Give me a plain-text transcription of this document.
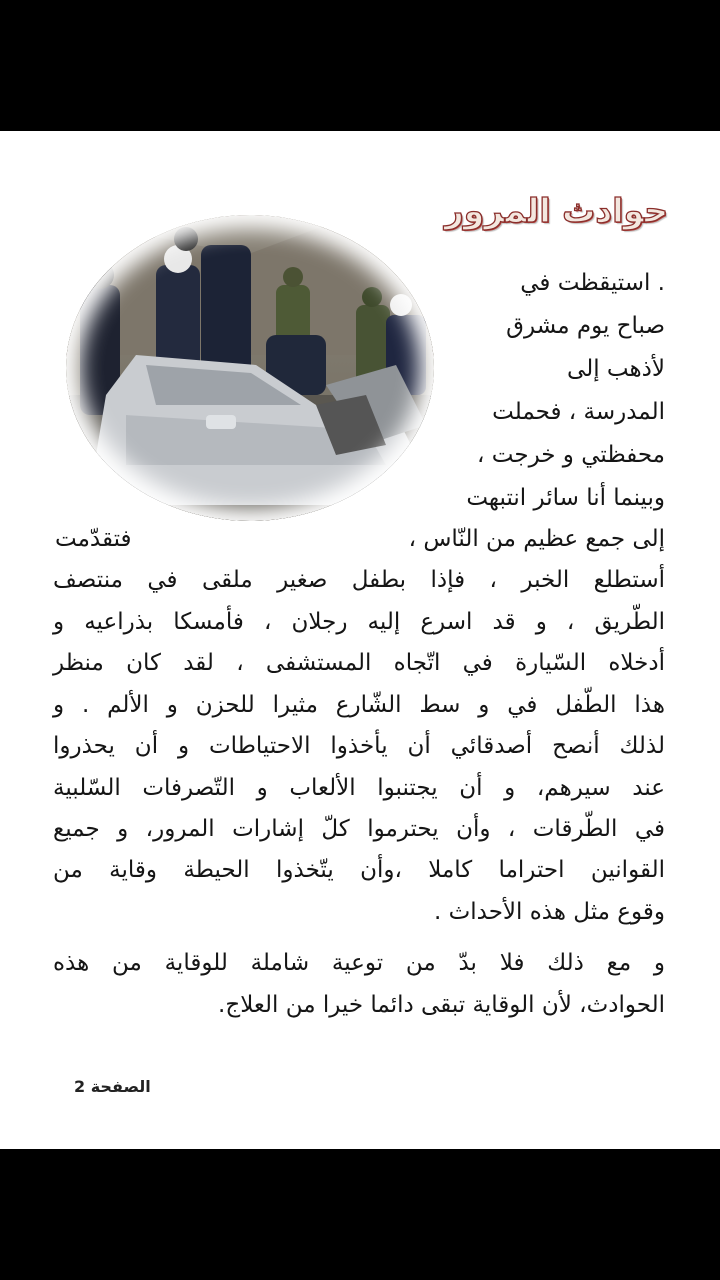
حوادث المرور
. استيقظت في
صباح يوم مشرق
لأذهب إلى
المدرسة ، فحملت
محفظتي و خرجت ،
وبينما أنا سائر انتبهت
إلى جمع عظيم من النّاس ،
فتقدّمت
أستطلع الخبر ، فإذا بطفل صغير ملقى في منتصف
الطّريق ، و قد اسرع إليه رجلان ، فأمسكا بذراعيه و
أدخلاه السّيارة في اتّجاه المستشفى ، لقد كان منظر
هذا الطّفل في و سط الشّارع مثيرا للحزن و الألم . و
لذلك أنصح أصدقائي أن يأخذوا الاحتياطات و أن يحذروا
عند سيرهم، و أن يجتنبوا الألعاب و التّصرفات السّلبية
في الطّرقات ، وأن يحترموا كلّ إشارات المرور، و جميع
القوانين احتراما كاملا ،وأن يتّخذوا الحيطة وقاية من
وقوع مثل هذه الأحداث .
و مع ذلك فلا بدّ من توعية شاملة للوقاية من هذه
الحوادث، لأن الوقاية تبقى دائما خيرا من العلاج.
الصفحة 2
